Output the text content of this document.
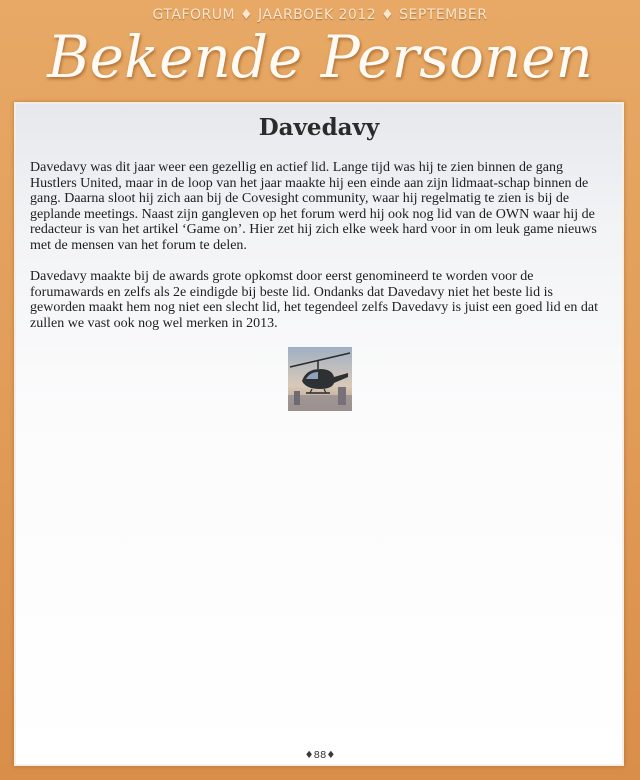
GTAFORUM ♦ JAARBOEK 2012 ♦ SEPTEMBER
Bekende Personen
Davedavy

Davedavy was dit jaar weer een gezellig en actief lid. Lange tijd was hij te zien binnen de gang Hustlers United, maar in de loop van het jaar maakte hij een einde aan zijn lidmaat-schap binnen de gang. Daarna sloot hij zich aan bij de Covesight community, waar hij regelmatig te zien is bij de geplande meetings. Naast zijn gangleven op het forum werd hij ook nog lid van de OWN waar hij de redacteur is van het artikel ‘Game on’. Hier zet hij zich elke week hard voor in om leuk game nieuws met de mensen van het forum te delen.

Davedavy maakte bij de awards grote opkomst door eerst genomineerd te worden voor de forumawards en zelfs als 2e eindigde bij beste lid. Ondanks dat Davedavy niet het beste lid is geworden maakt hem nog niet een slecht lid, het tegendeel zelfs Davedavy is juist een goed lid en dat zullen we vast ook nog wel merken in 2013.

♦88♦
